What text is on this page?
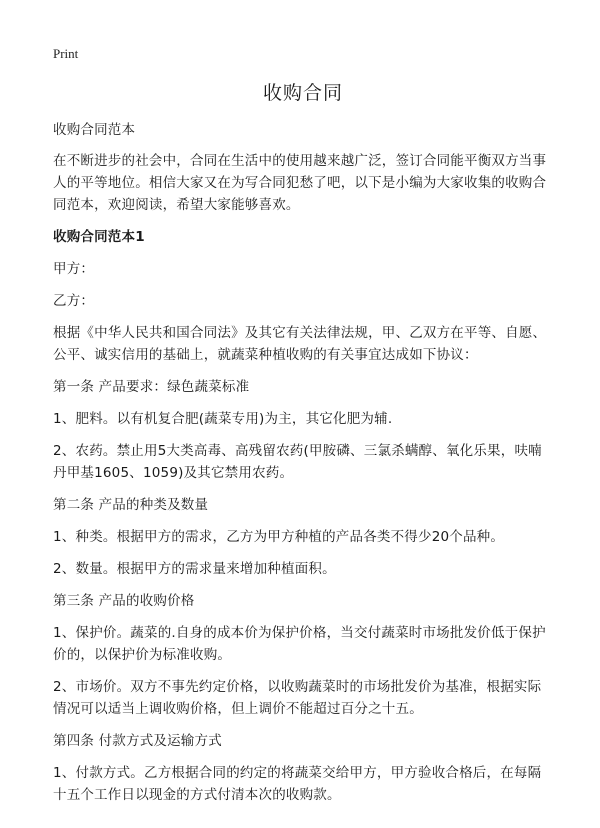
Print
收购合同
收购合同范本
在不断进步的社会中，合同在生活中的使用越来越广泛，签订合同能平衡双方当事人的平等地位。相信大家又在为写合同犯愁了吧，以下是小编为大家收集的收购合同范本，欢迎阅读，希望大家能够喜欢。
收购合同范本1
甲方：
乙方：
根据《中华人民共和国合同法》及其它有关法律法规，甲、乙双方在平等、自愿、公平、诚实信用的基础上，就蔬菜种植收购的有关事宜达成如下协议：
第一条 产品要求：绿色蔬菜标准
1、肥料。以有机复合肥(蔬菜专用)为主，其它化肥为辅.
2、农药。禁止用5大类高毒、高残留农药(甲胺磷、三氯杀螨醇、氧化乐果，呋喃丹甲基1605、1059)及其它禁用农药。
第二条 产品的种类及数量
1、种类。根据甲方的需求，乙方为甲方种植的产品各类不得少20个品种。
2、数量。根据甲方的需求量来增加种植面积。
第三条 产品的收购价格
1、保护价。蔬菜的.自身的成本价为保护价格，当交付蔬菜时市场批发价低于保护价的，以保护价为标准收购。
2、市场价。双方不事先约定价格，以收购蔬菜时的市场批发价为基准，根据实际情况可以适当上调收购价格，但上调价不能超过百分之十五。
第四条 付款方式及运输方式
1、付款方式。乙方根据合同的约定的将蔬菜交给甲方，甲方验收合格后，在每隔十五个工作日以现金的方式付清本次的收购款。
